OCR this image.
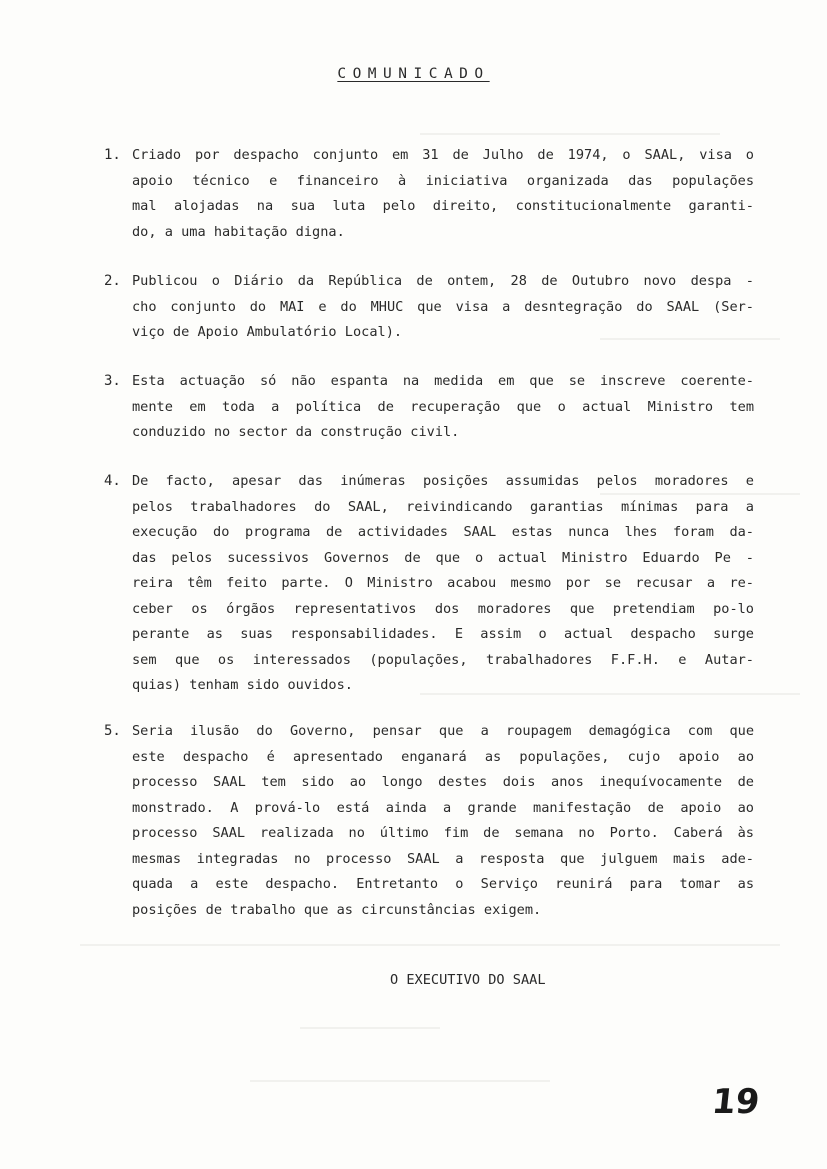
COMUNICADO
1. Criado por despacho conjunto em 31 de Julho de 1974, o SAAL, visa o
apoio técnico e financeiro à iniciativa organizada das populações
mal alojadas na sua luta pelo direito, constitucionalmente garanti-
do, a uma habitação digna.
2. Publicou o Diário da República de ontem, 28 de Outubro novo despa -
cho conjunto do MAI e do MHUC que visa a desntegração do SAAL (Ser-
viço de Apoio Ambulatório Local).
3. Esta actuação só não espanta na medida em que se inscreve coerente-
mente em toda a política de recuperação que o actual Ministro tem
conduzido no sector da construção civil.
4. De facto, apesar das inúmeras posições assumidas pelos moradores e
pelos trabalhadores do SAAL, reivindicando garantias mínimas para a
execução do programa de actividades SAAL estas nunca lhes foram da-
das pelos sucessivos Governos de que o actual Ministro Eduardo Pe -
reira têm feito parte. O Ministro acabou mesmo por se recusar a re-
ceber os órgãos representativos dos moradores que pretendiam po-lo
perante as suas responsabilidades. E assim o actual despacho surge
sem que os interessados (populações, trabalhadores F.F.H. e Autar-
quias) tenham sido ouvidos.
5. Seria ilusão do Governo, pensar que a roupagem demagógica com que
este despacho é apresentado enganará as populações, cujo apoio ao
processo SAAL tem sido ao longo destes dois anos inequívocamente de
monstrado. A prová-lo está ainda a grande manifestação de apoio ao
processo SAAL realizada no último fim de semana no Porto. Caberá às
mesmas integradas no processo SAAL a resposta que julguem mais ade-
quada a este despacho. Entretanto o Serviço reunirá para tomar as
posições de trabalho que as circunstâncias exigem.
O EXECUTIVO DO SAAL
19
